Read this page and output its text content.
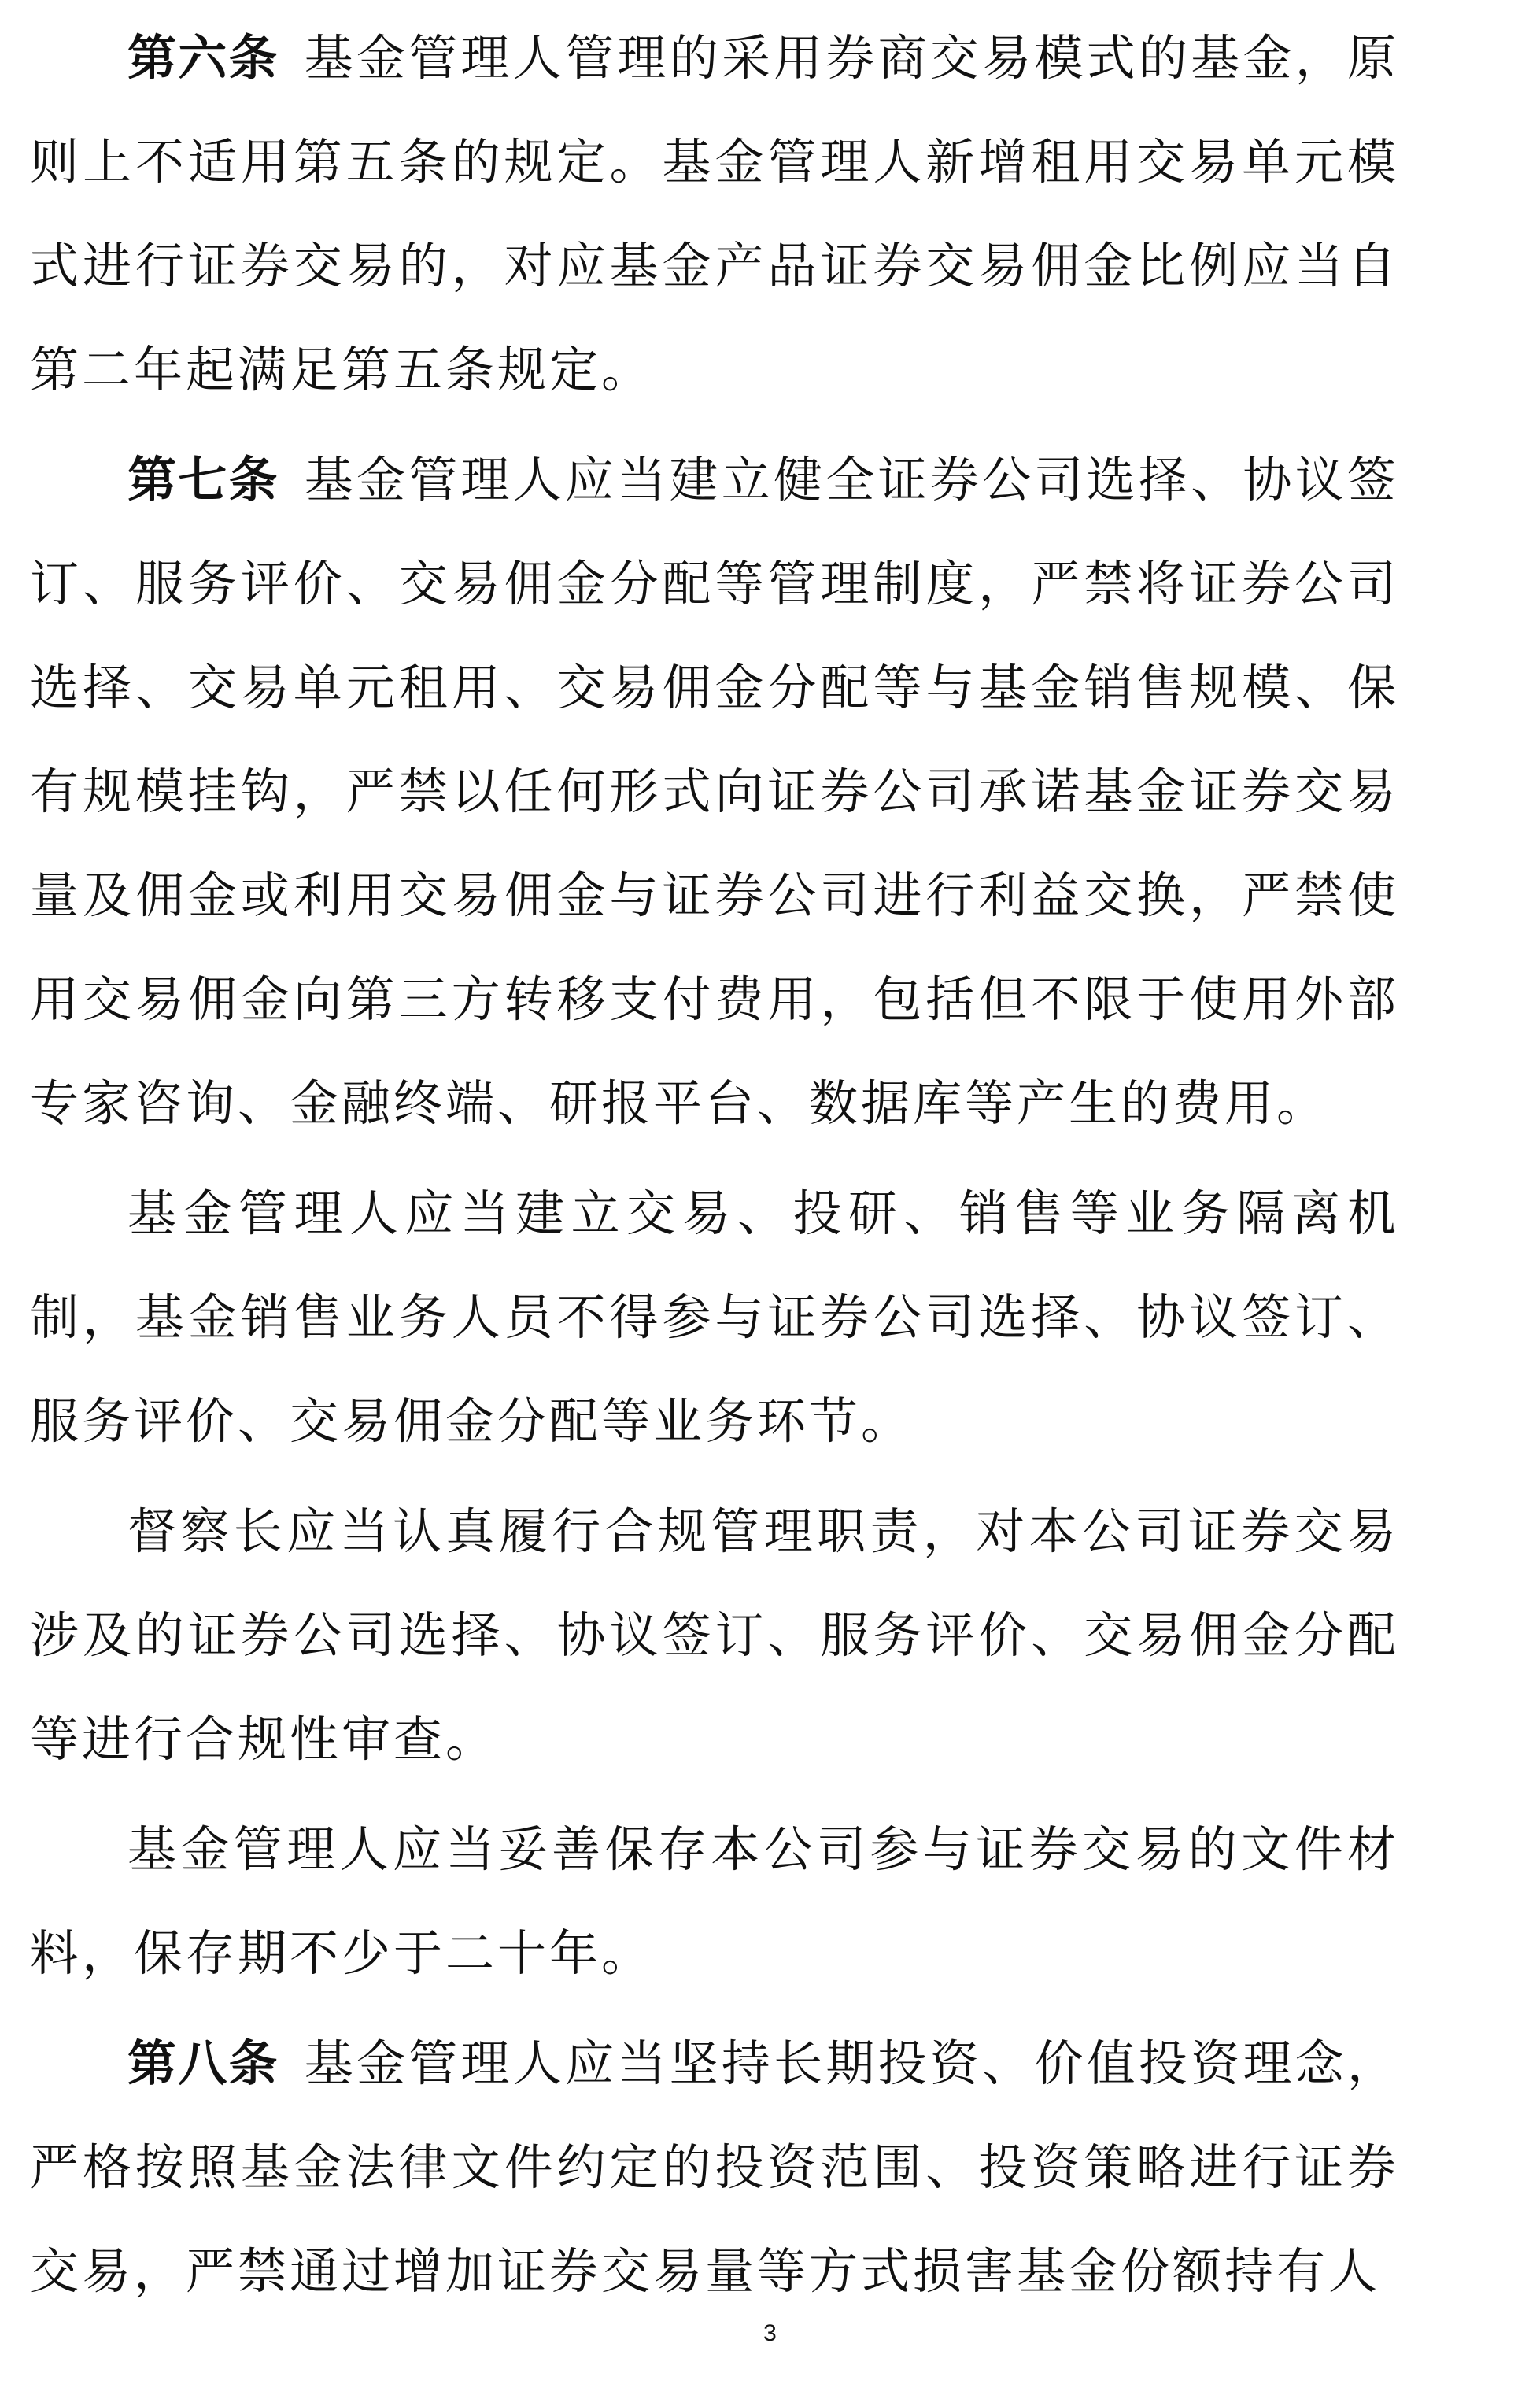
第六条 基金管理人管理的采用券商交易模式的基金，原则上不适用第五条的规定。基金管理人新增租用交易单元模式进行证券交易的，对应基金产品证券交易佣金比例应当自第二年起满足第五条规定。

第七条 基金管理人应当建立健全证券公司选择、协议签订、服务评价、交易佣金分配等管理制度，严禁将证券公司选择、交易单元租用、交易佣金分配等与基金销售规模、保有规模挂钩，严禁以任何形式向证券公司承诺基金证券交易量及佣金或利用交易佣金与证券公司进行利益交换，严禁使用交易佣金向第三方转移支付费用，包括但不限于使用外部专家咨询、金融终端、研报平台、数据库等产生的费用。

基金管理人应当建立交易、投研、销售等业务隔离机制，基金销售业务人员不得参与证券公司选择、协议签订、服务评价、交易佣金分配等业务环节。

督察长应当认真履行合规管理职责，对本公司证券交易涉及的证券公司选择、协议签订、服务评价、交易佣金分配等进行合规性审查。

基金管理人应当妥善保存本公司参与证券交易的文件材料，保存期不少于二十年。

第八条 基金管理人应当坚持长期投资、价值投资理念，严格按照基金法律文件约定的投资范围、投资策略进行证券交易，严禁通过增加证券交易量等方式损害基金份额持有人

3
